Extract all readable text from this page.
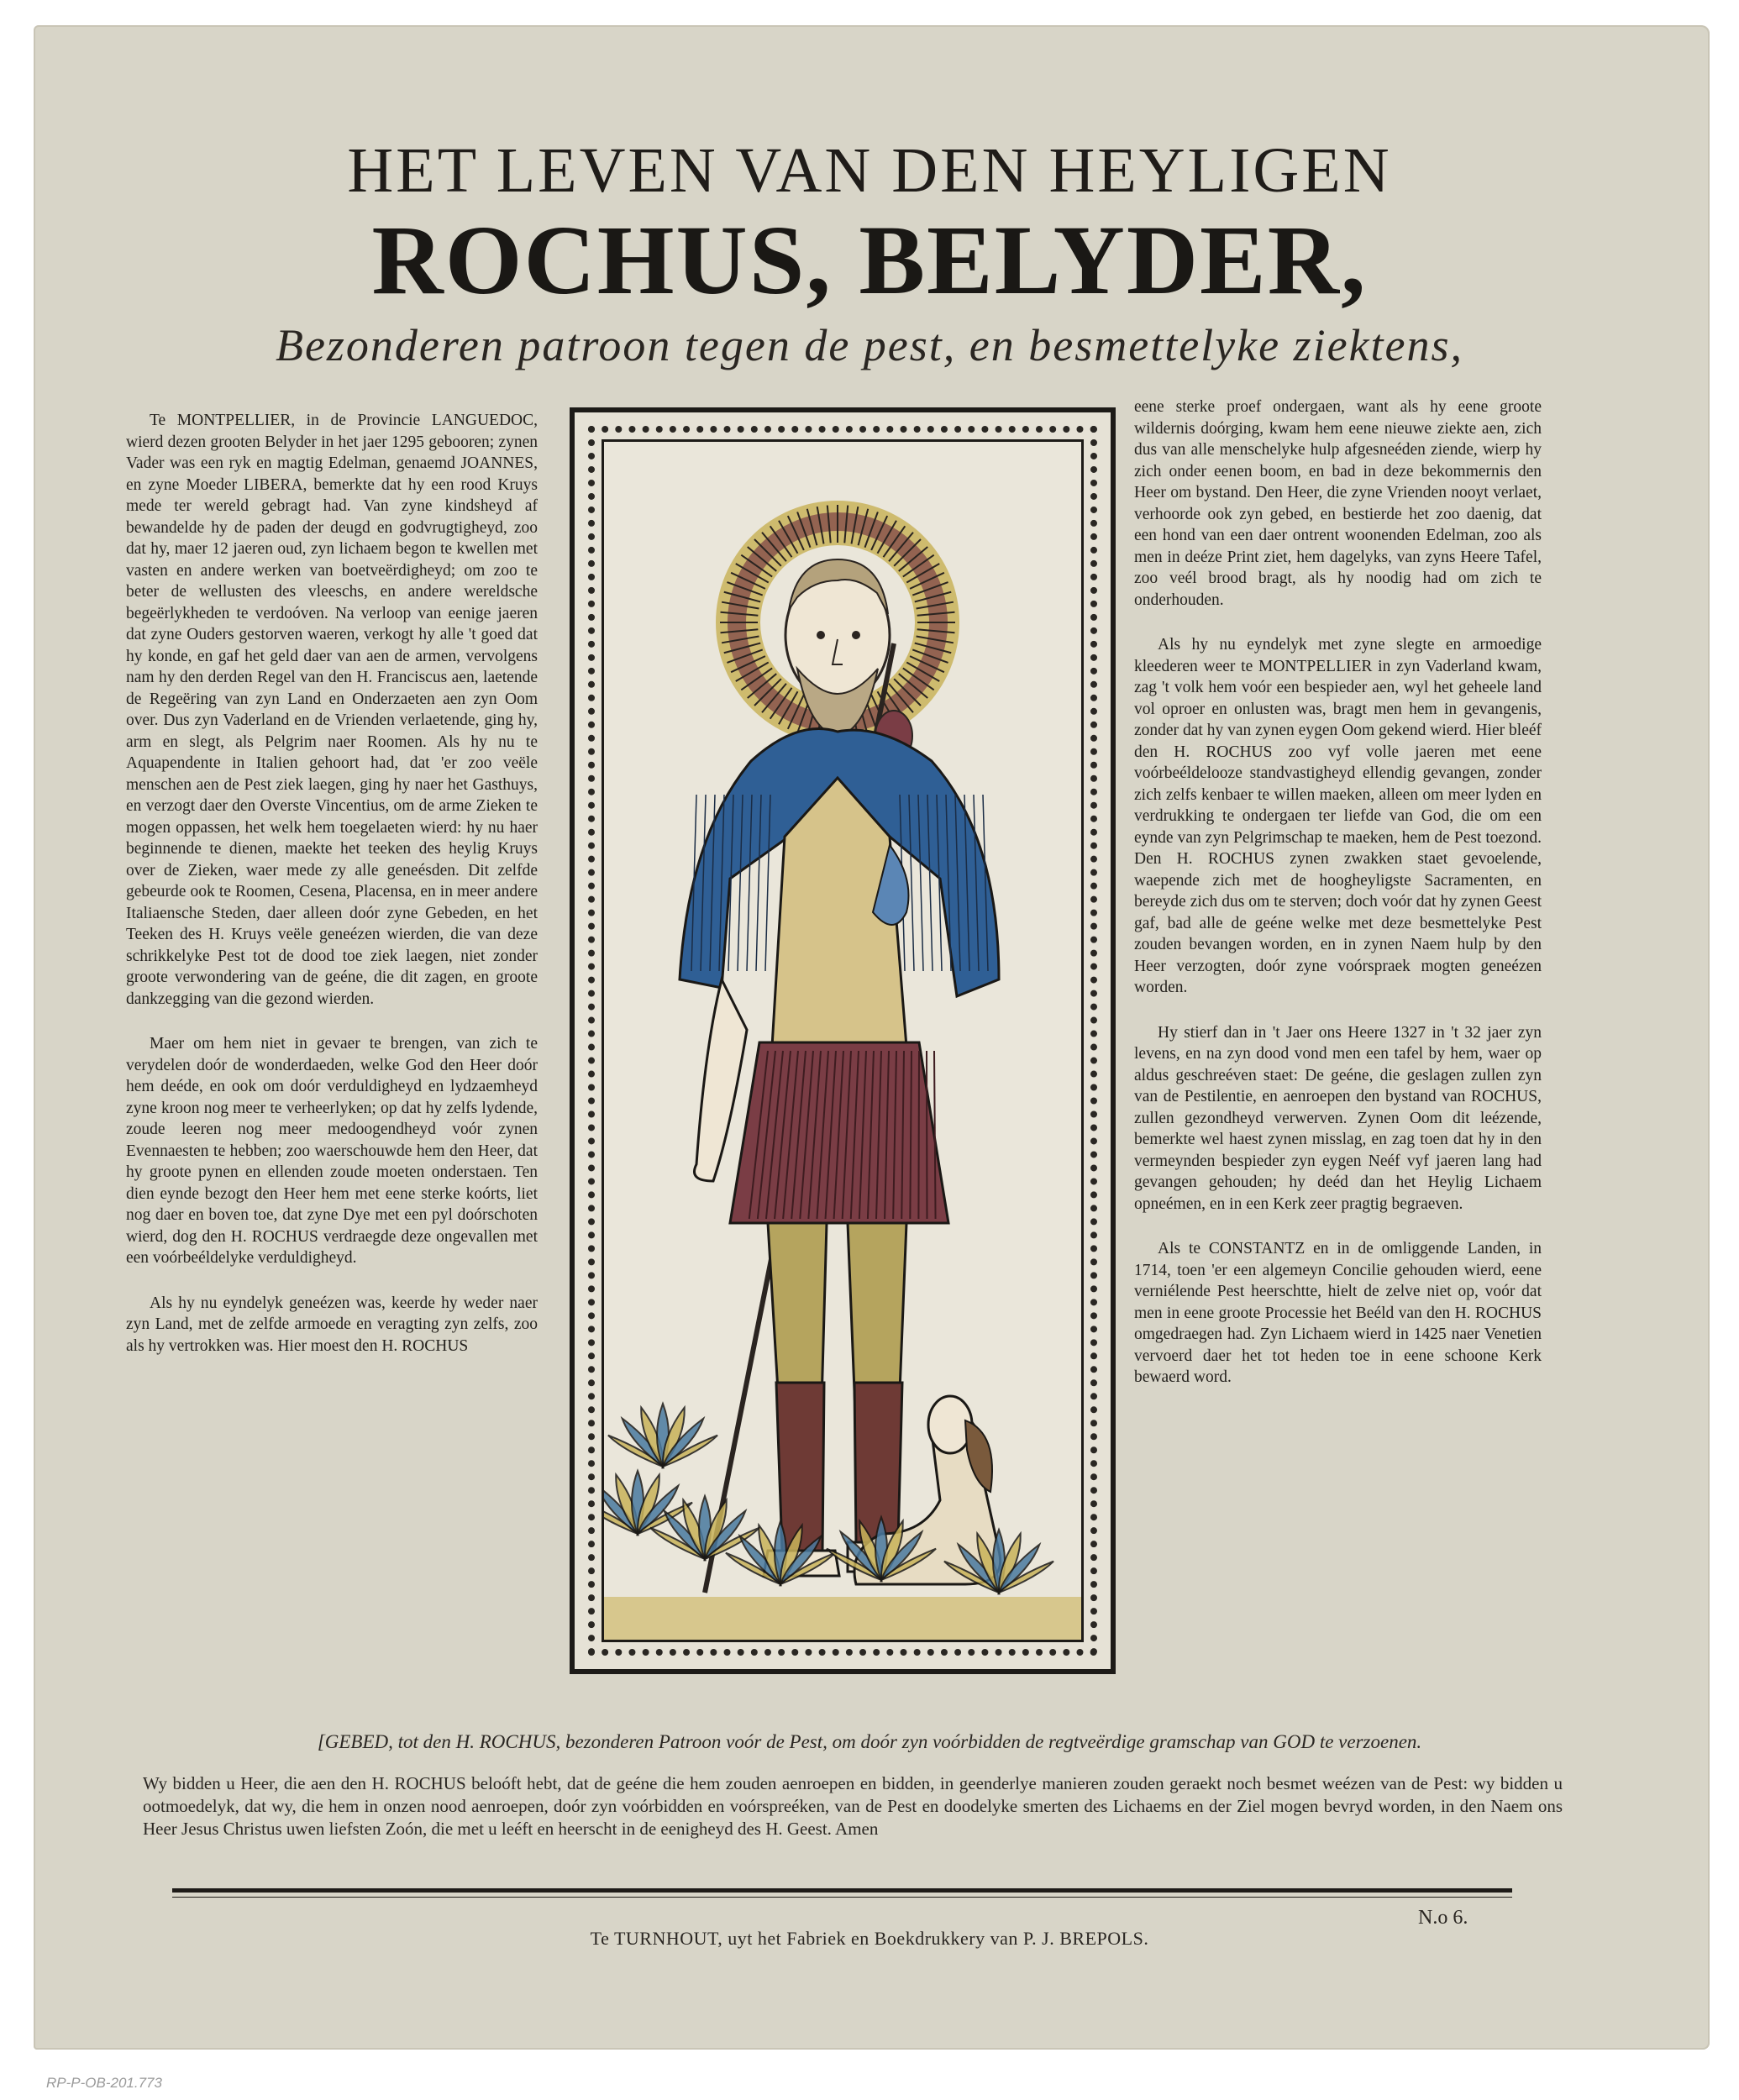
HET LEVEN VAN DEN HEYLIGEN
ROCHUS, BELYDER,
Bezonderen patroon tegen de pest, en besmettelyke ziektens,

Te MONTPELLIER, in de Provincie LANGUEDOC, wierd dezen grooten Belyder in het jaer 1295 gebooren; zynen Vader was een ryk en magtig Edelman, genaemd JOANNES, en zyne Moeder LIBERA, bemerkte dat hy een rood Kruys mede ter wereld gebragt had. Van zyne kindsheyd af bewandelde hy de paden der deugd en godvrugtigheyd, zoo dat hy, maer 12 jaeren oud, zyn lichaem begon te kwellen met vasten en andere werken van boetveërdigheyd; om zoo te beter de wellusten des vleeschs, en andere wereldsche begeërlykheden te verdoóven. Na verloop van eenige jaeren dat zyne Ouders gestorven waeren, verkogt hy alle 't goed dat hy konde, en gaf het geld daer van aen de armen, vervolgens nam hy den derden Regel van den H. Franciscus aen, laetende de Regeëring van zyn Land en Onderzaeten aen zyn Oom over. Dus zyn Vaderland en de Vrienden verlaetende, ging hy, arm en slegt, als Pelgrim naer Roomen. Als hy nu te Aquapendente in Italien gehoort had, dat 'er zoo veële menschen aen de Pest ziek laegen, ging hy naer het Gasthuys, en verzogt daer den Overste Vincentius, om de arme Zieken te mogen oppassen, het welk hem toegelaeten wierd: hy nu haer beginnende te dienen, maekte het teeken des heylig Kruys over de Zieken, waer mede zy alle geneésden. Dit zelfde gebeurde ook te Roomen, Cesena, Placensa, en in meer andere Italiaensche Steden, daer alleen doór zyne Gebeden, en het Teeken des H. Kruys veële geneézen wierden, die van deze schrikkelyke Pest tot de dood toe ziek laegen, niet zonder groote verwondering van de geéne, die dit zagen, en groote dankzegging van die gezond wierden.

Maer om hem niet in gevaer te brengen, van zich te verydelen doór de wonderdaeden, welke God den Heer doór hem deéde, en ook om doór verduldigheyd en lydzaemheyd zyne kroon nog meer te verheerlyken; op dat hy zelfs lydende, zoude leeren nog meer medoogendheyd voór zynen Evennaesten te hebben; zoo waerschouwde hem den Heer, dat hy groote pynen en ellenden zoude moeten onderstaen. Ten dien eynde bezogt den Heer hem met eene sterke koórts, liet nog daer en boven toe, dat zyne Dye met een pyl doórschoten wierd, dog den H. ROCHUS verdraegde deze ongevallen met een voórbeéldelyke verduldigheyd.

Als hy nu eyndelyk geneézen was, keerde hy weder naer zyn Land, met de zelfde armoede en veragting zyn zelfs, zoo als hy vertrokken was. Hier moest den H. ROCHUS

eene sterke proef ondergaen, want als hy eene groote wildernis doórging, kwam hem eene nieuwe ziekte aen, zich dus van alle menschelyke hulp afgesneéden ziende, wierp hy zich onder eenen boom, en bad in deze bekommernis den Heer om bystand. Den Heer, die zyne Vrienden nooyt verlaet, verhoorde ook zyn gebed, en bestierde het zoo daenig, dat een hond van een daer ontrent woonenden Edelman, zoo als men in deéze Print ziet, hem dagelyks, van zyns Heere Tafel, zoo veél brood bragt, als hy noodig had om zich te onderhouden.

Als hy nu eyndelyk met zyne slegte en armoedige kleederen weer te MONTPELLIER in zyn Vaderland kwam, zag 't volk hem voór een bespieder aen, wyl het geheele land vol oproer en onlusten was, bragt men hem in gevangenis, zonder dat hy van zynen eygen Oom gekend wierd. Hier bleéf den H. ROCHUS zoo vyf volle jaeren met eene voórbeéldelooze standvastigheyd ellendig gevangen, zonder zich zelfs kenbaer te willen maeken, alleen om meer lyden en verdrukking te ondergaen ter liefde van God, die om een eynde van zyn Pelgrimschap te maeken, hem de Pest toezond. Den H. ROCHUS zynen zwakken staet gevoelende, waepende zich met de hoogheyligste Sacramenten, en bereyde zich dus om te sterven; doch voór dat hy zynen Geest gaf, bad alle de geéne welke met deze besmettelyke Pest zouden bevangen worden, en in zynen Naem hulp by den Heer verzogten, doór zyne voórspraek mogten geneézen worden.

Hy stierf dan in 't Jaer ons Heere 1327 in 't 32 jaer zyn levens, en na zyn dood vond men een tafel by hem, waer op aldus geschreéven staet: De geéne, die geslagen zullen zyn van de Pestilentie, en aenroepen den bystand van ROCHUS, zullen gezondheyd verwerven. Zynen Oom dit leézende, bemerkte wel haest zynen misslag, en zag toen dat hy in den vermeynden bespieder zyn eygen Neéf vyf jaeren lang had gevangen gehouden; hy deéd dan het Heylig Lichaem opneémen, en in een Kerk zeer pragtig begraeven.

Als te CONSTANTZ en in de omliggende Landen, in 1714, toen 'er een algemeyn Concilie gehouden wierd, eene verniélende Pest heerschtte, hielt de zelve niet op, voór dat men in eene groote Processie het Beéld van den H. ROCHUS omgedraegen had. Zyn Lichaem wierd in 1425 naer Venetien vervoerd daer het tot heden toe in eene schoone Kerk bewaerd word.

[GEBED, tot den H. ROCHUS, bezonderen Patroon voór de Pest, om doór zyn voórbidden de regtveërdige gramschap van GOD te verzoenen.
Wy bidden u Heer, die aen den H. ROCHUS beloóft hebt, dat de geéne die hem zouden aenroepen en bidden, in geenderlye manieren zouden geraekt noch besmet weézen van de Pest: wy bidden u ootmoedelyk, dat wy, die hem in onzen nood aenroepen, doór zyn voórbidden en voórspreéken, van de Pest en doodelyke smerten des Lichaems en der Ziel mogen bevryd worden, in den Naem ons Heer Jesus Christus uwen liefsten Zoón, die met u leéft en heerscht in de eenigheyd des H. Geest. Amen
N.o 6.
Te TURNHOUT, uyt het Fabriek en Boekdrukkery van P. J. BREPOLS.
RP-P-OB-201.773
